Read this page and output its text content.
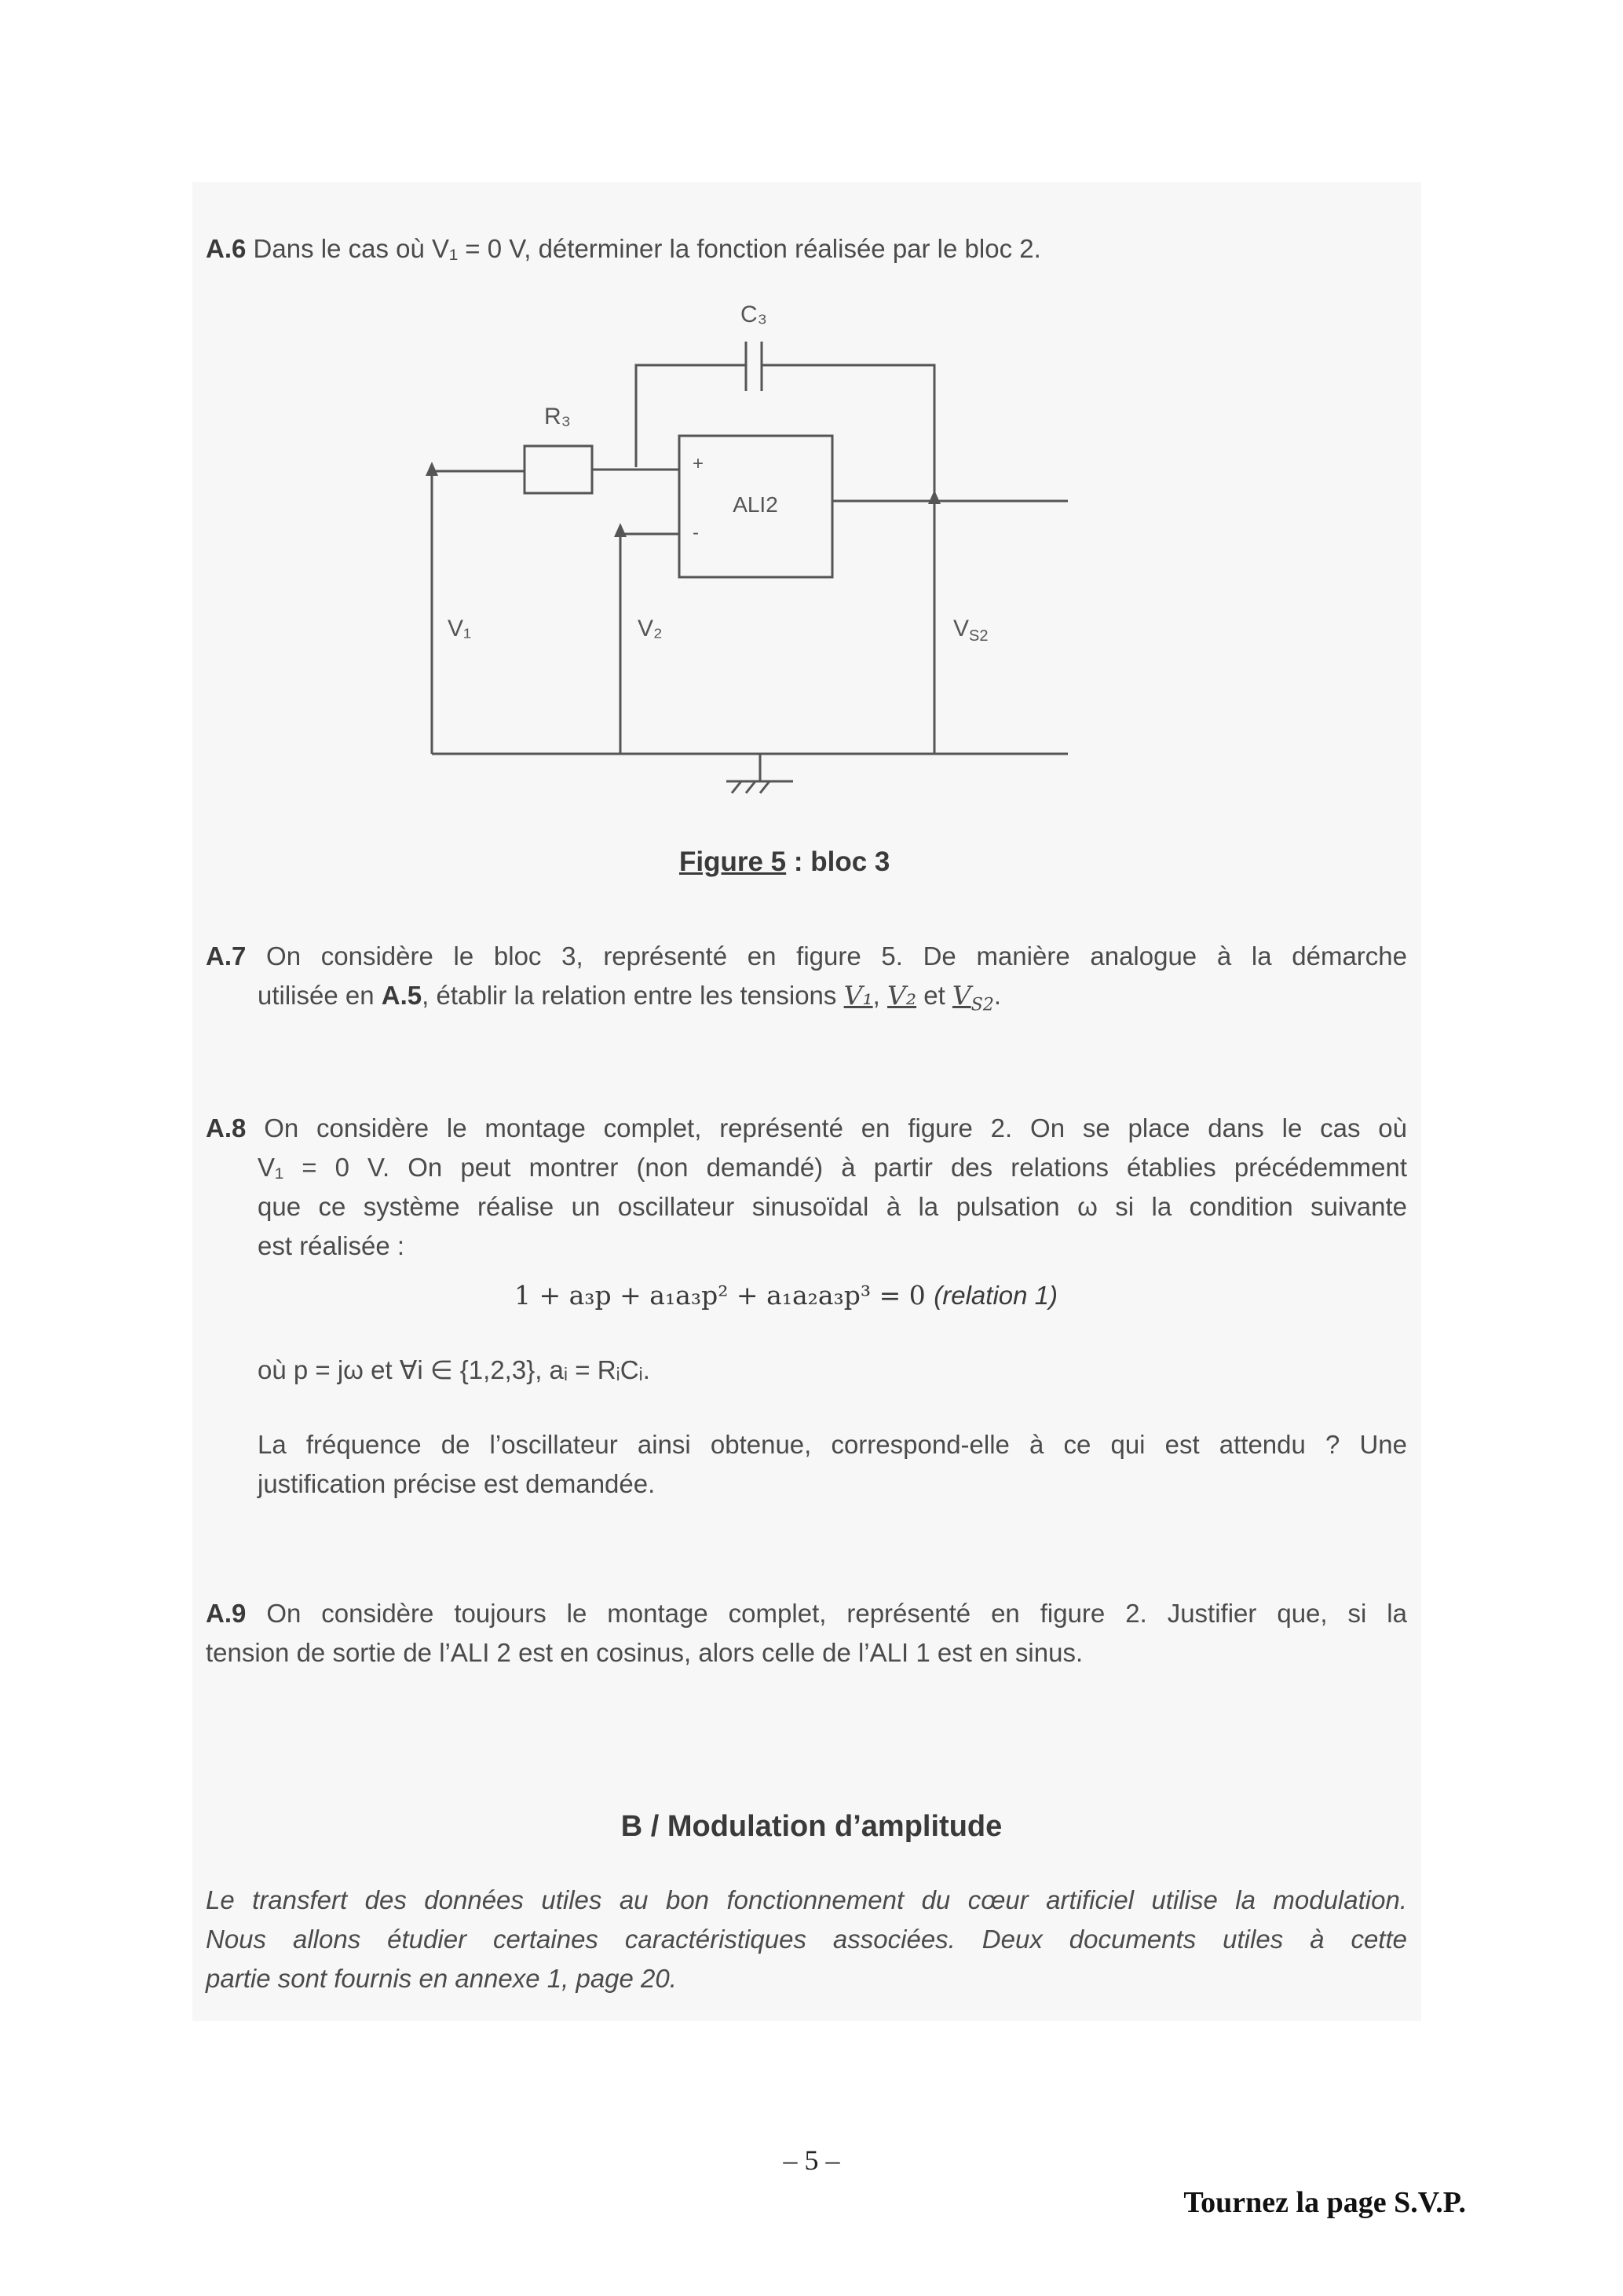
A.6 Dans le cas où V₁ = 0 V, déterminer la fonction réalisée par le bloc 2.
C₃
R₃
ALI2
+
-
V₁	V₂	$V_{S2}$
Figure 5 : bloc 3
A.7 On considère le bloc 3, représenté en figure 5. De manière analogue à la démarche
utilisée en A.5, établir la relation entre les tensions V₁, V₂ et $V_{S2}$.
A.8 On considère le montage complet, représenté en figure 2. On se place dans le cas où
V₁ = 0 V. On peut montrer (non demandé) à partir des relations établies précédemment
que ce système réalise un oscillateur sinusoïdal à la pulsation ω si la condition suivante
est réalisée :
1 + a₃p + a₁a₃p² + a₁a₂a₃p³ = 0 (relation 1)
où p = jω et ∀i ∈ {1,2,3}, aᵢ = RᵢCᵢ.
La fréquence de l’oscillateur ainsi obtenue, correspond-elle à ce qui est attendu ? Une
justification précise est demandée.
A.9 On considère toujours le montage complet, représenté en figure 2. Justifier que, si la
tension de sortie de l’ALI 2 est en cosinus, alors celle de l’ALI 1 est en sinus.
B / Modulation d’amplitude
Le transfert des données utiles au bon fonctionnement du cœur artificiel utilise la modulation.
Nous allons étudier certaines caractéristiques associées. Deux documents utiles à cette
partie sont fournis en annexe 1, page 20.
– 5 –
Tournez la page S.V.P.
